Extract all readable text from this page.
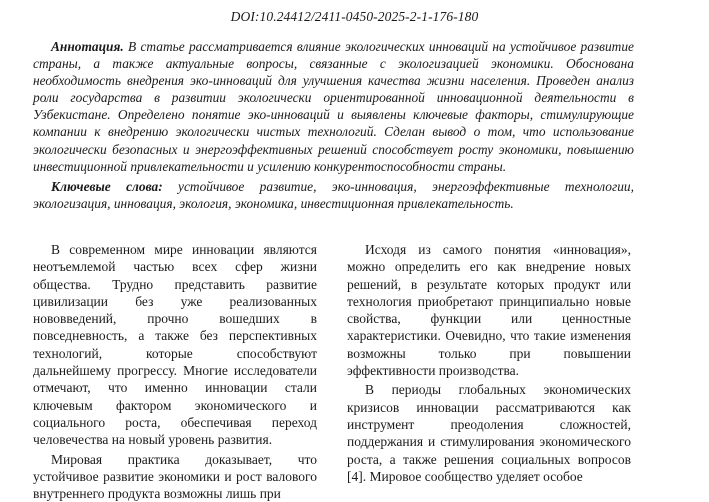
DOI:10.24412/2411-0450-2025-2-1-176-180

Аннотация. В статье рассматривается влияние экологических инноваций на устойчивое развитие страны, а также актуальные вопросы, связанные с экологизацией экономики. Обоснована необходимость внедрения эко-инноваций для улучшения качества жизни населения. Проведен анализ роли государства в развитии экологически ориентированной инновационной деятельности в Узбекистане. Определено понятие эко-инноваций и выявлены ключевые факторы, стимулирующие компании к внедрению экологически чистых технологий. Сделан вывод о том, что использование экологически безопасных и энергоэффективных решений способствует росту экономики, повышению инвестиционной привлекательности и усилению конкурентоспособности страны.

Ключевые слова: устойчивое развитие, эко-инновация, энергоэффективные технологии, экологизация, инновация, экология, экономика, инвестиционная привлекательность.

В современном мире инновации являются неотъемлемой частью всех сфер жизни общества. Трудно представить развитие цивилизации без уже реализованных нововведений, прочно вошедших в повседневность, а также без перспективных технологий, которые способствуют дальнейшему прогрессу. Многие исследователи отмечают, что именно инновации стали ключевым фактором экономического и социального роста, обеспечивая переход человечества на новый уровень развития.

Мировая практика доказывает, что устойчивое развитие экономики и рост валового внутреннего продукта возможны лишь при

Исходя из самого понятия «инновация», можно определить его как внедрение новых решений, в результате которых продукт или технология приобретают принципиально новые свойства, функции или ценностные характеристики. Очевидно, что такие изменения возможны только при повышении эффективности производства.

В периоды глобальных экономических кризисов инновации рассматриваются как инструмент преодоления сложностей, поддержания и стимулирования экономического роста, а также решения социальных вопросов [4]. Мировое сообщество уделяет особое
